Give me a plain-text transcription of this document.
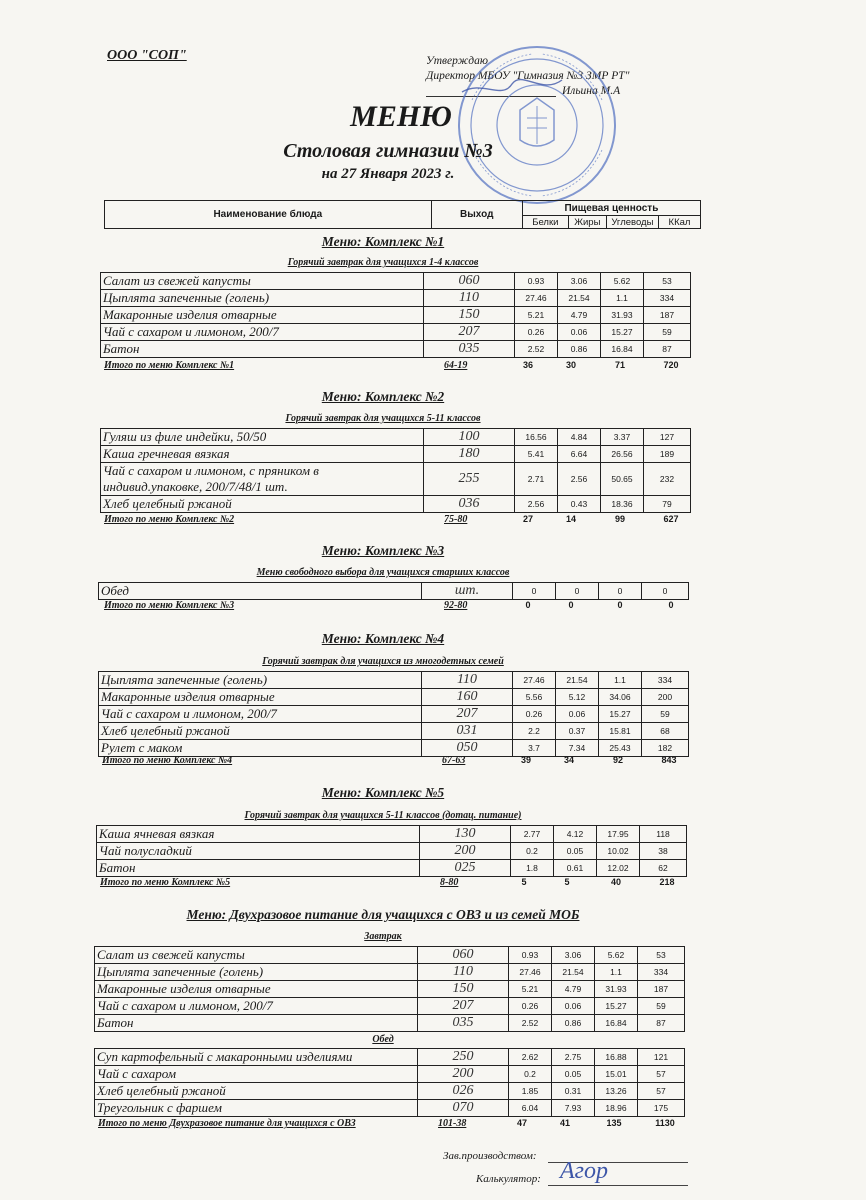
ООО "СОП"	Утверждаю
Директор МБОУ "Гимназия №3 ЗМР РТ"
Ильина М.А
МЕНЮ
Столовая гимназии №3
на 27 Января 2023 г.
Наименование блюда	Выход	Пищевая ценность			
		Белки	Жиры	Углеводы	ККал
Меню: Комплекс №1
Горячий завтрак для учащихся 1-4 классов
Салат из свежей капусты	060	0.93	3.06	5.62	53
Цыплята запеченные (голень)	110	27.46	21.54	1.1	334
Макаронные изделия отварные	150	5.21	4.79	31.93	187
Чай с сахаром и лимоном, 200/7	207	0.26	0.06	15.27	59
Батон	035	2.52	0.86	16.84	87
Итого по меню Комплекс №1	64-19	36	30	71	720
Меню: Комплекс №2
Горячий завтрак для учащихся 5-11 классов
Гуляш из филе индейки, 50/50	100	16.56	4.84	3.37	127
Каша гречневая вязкая	180	5.41	6.64	26.56	189
Чай с сахаром и лимоном, с пряником в индивид.упаковке, 200/7/48/1 шт.	255	2.71	2.56	50.65	232
Хлеб целебный ржаной	036	2.56	0.43	18.36	79
Итого по меню Комплекс №2	75-80	27	14	99	627
Меню: Комплекс №3
Меню свободного выбора для учащихся старших классов
Обед	шт.	0	0	0	0
Итого по меню Комплекс №3	92-80	0	0	0	0
Меню: Комплекс №4
Горячий завтрак для учащихся из многодетных семей
Цыплята запеченные (голень)	110	27.46	21.54	1.1	334
Макаронные изделия отварные	160	5.56	5.12	34.06	200
Чай с сахаром и лимоном, 200/7	207	0.26	0.06	15.27	59
Хлеб целебный ржаной	031	2.2	0.37	15.81	68
Рулет с маком	050	3.7	7.34	25.43	182
Итого по меню Комплекс №4	67-63	39	34	92	843
Меню: Комплекс №5
Горячий завтрак для учащихся 5-11 классов (дотац. питание)
Каша ячневая вязкая	130	2.77	4.12	17.95	118
Чай полусладкий	200	0.2	0.05	10.02	38
Батон	025	1.8	0.61	12.02	62
Итого по меню Комплекс №5	8-80	5	5	40	218
Меню: Двухразовое питание для учащихся с ОВЗ и из семей МОБ
Завтрак
Салат из свежей капусты	060	0.93	3.06	5.62	53
Цыплята запеченные (голень)	110	27.46	21.54	1.1	334
Макаронные изделия отварные	150	5.21	4.79	31.93	187
Чай с сахаром и лимоном, 200/7	207	0.26	0.06	15.27	59
Батон	035	2.52	0.86	16.84	87
Обед
Суп картофельный с макаронными изделиями	250	2.62	2.75	16.88	121
Чай с сахаром	200	0.2	0.05	15.01	57
Хлеб целебный ржаной	026	1.85	0.31	13.26	57
Треугольник с фаршем	070	6.04	7.93	18.96	175
Итого по меню Двухразовое питание для учащихся с ОВЗ	101-38	47	41	135	1130
Зав.производством:
Калькулятор: Агор
